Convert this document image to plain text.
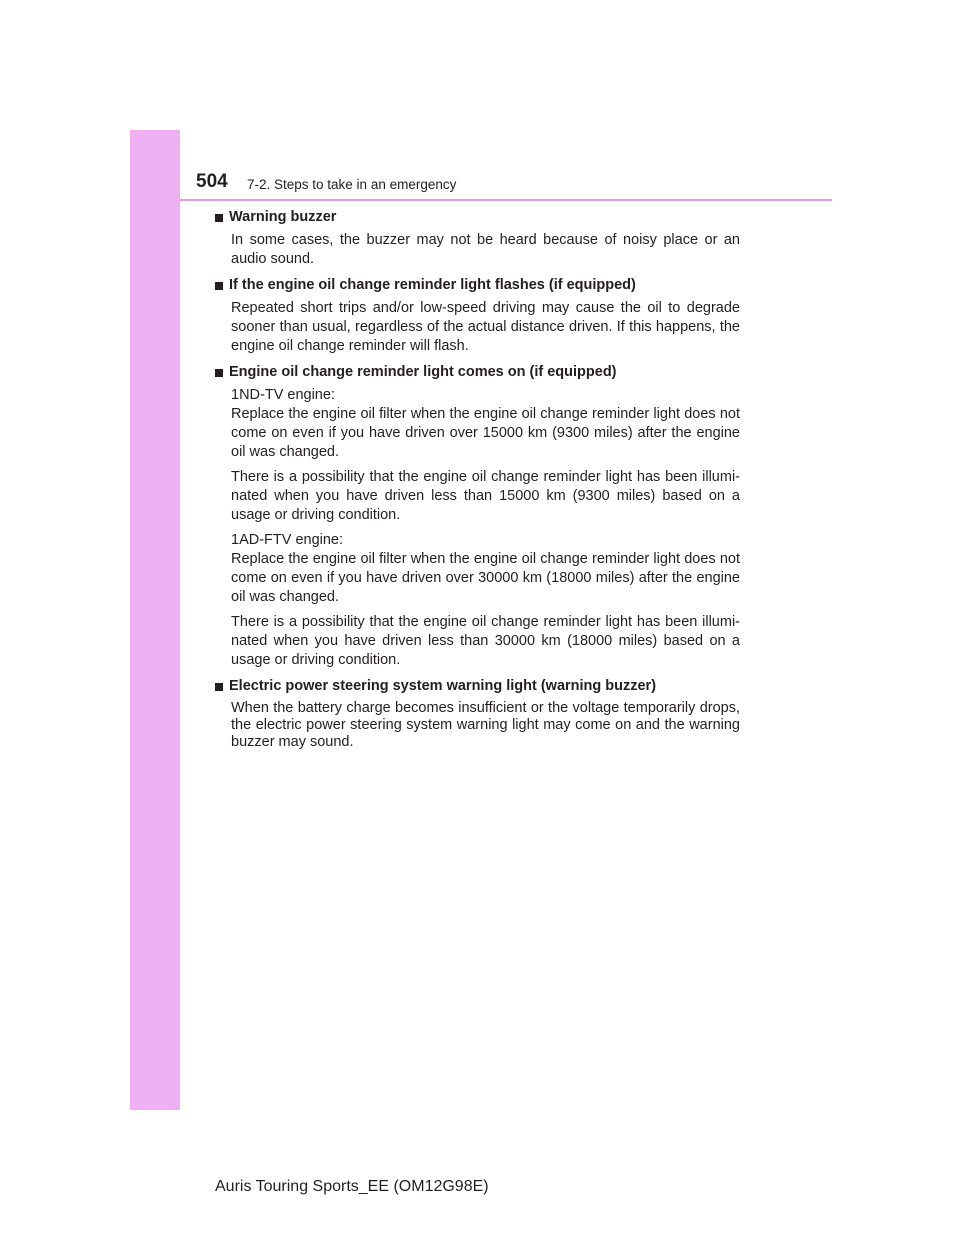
504 7-2. Steps to take in an emergency
Warning buzzer

In some cases, the buzzer may not be heard because of noisy place or an audio sound.

If the engine oil change reminder light flashes (if equipped)

Repeated short trips and/or low-speed driving may cause the oil to degrade sooner than usual, regardless of the actual distance driven. If this happens, the engine oil change reminder will flash.

Engine oil change reminder light comes on (if equipped)

1ND-TV engine:

Replace the engine oil filter when the engine oil change reminder light does not come on even if you have driven over 15000 km (9300 miles) after the engine oil was changed.

There is a possibility that the engine oil change reminder light has been illumi-nated when you have driven less than 15000 km (9300 miles) based on a usage or driving condition.

1AD-FTV engine:

Replace the engine oil filter when the engine oil change reminder light does not come on even if you have driven over 30000 km (18000 miles) after the engine oil was changed.

There is a possibility that the engine oil change reminder light has been illumi-nated when you have driven less than 30000 km (18000 miles) based on a usage or driving condition.

Electric power steering system warning light (warning buzzer)

When the battery charge becomes insufficient or the voltage temporarily drops, the electric power steering system warning light may come on and the warning buzzer may sound.

Auris Touring Sports_EE (OM12G98E)
